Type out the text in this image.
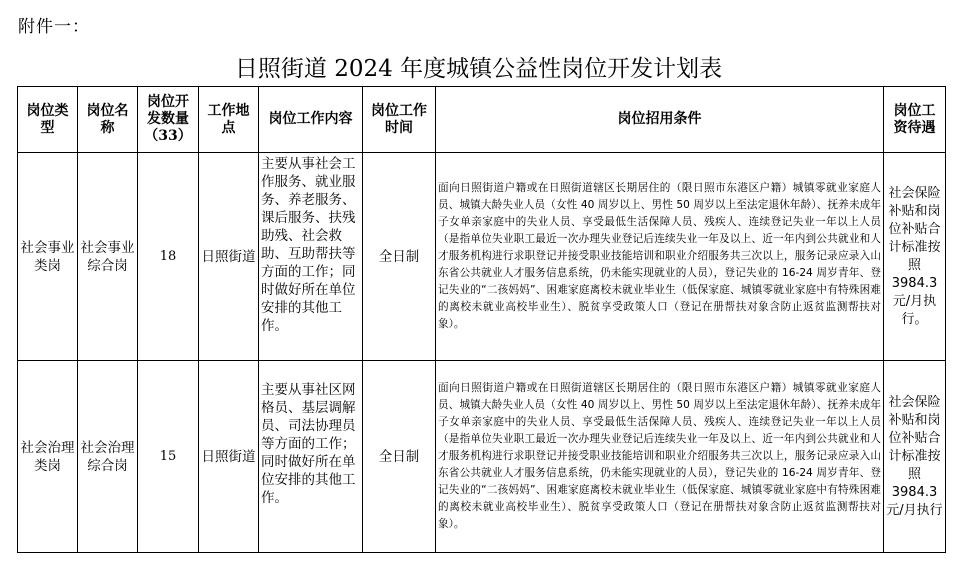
附件一：
日照街道 2024 年度城镇公益性岗位开发计划表
岗位类型	岗位名称	岗位开发数量（33）	工作地点	岗位工作内容	岗位工作时间	岗位招用条件	岗位工资待遇
社会事业类岗	社会事业综合岗	18	日照街道	主要从事社会工作服务、就业服务、养老服务、课后服务、扶残助残、社会救助、互助帮扶等方面的工作；同时做好所在单位安排的其他工作。	全日制	面向日照街道户籍或在日照街道辖区长期居住的（限日照市东港区户籍）城镇零就业家庭人员、城镇大龄失业人员（女性 40 周岁以上、男性 50 周岁以上至法定退休年龄）、抚养未成年子女单亲家庭中的失业人员、享受最低生活保障人员、残疾人、连续登记失业一年以上人员（是指单位失业职工最近一次办理失业登记后连续失业一年及以上、近一年内到公共就业和人才服务机构进行求职登记并接受职业技能培训和职业介绍服务共三次以上，服务记录应录入山东省公共就业人才服务信息系统，仍未能实现就业的人员），登记失业的 16-24 周岁青年、登记失业的“二孩妈妈”、困难家庭离校未就业毕业生（低保家庭、城镇零就业家庭中有特殊困难的离校未就业高校毕业生）、脱贫享受政策人口（登记在册帮扶对象含防止返贫监测帮扶对象）。	社会保险补贴和岗位补贴合计标准按照 3984.3 元/月执行。
社会治理类岗	社会治理综合岗	15	日照街道	主要从事社区网格员、基层调解员、司法协理员等方面的工作；同时做好所在单位安排的其他工作。	全日制	面向日照街道户籍或在日照街道辖区长期居住的（限日照市东港区户籍）城镇零就业家庭人员、城镇大龄失业人员（女性 40 周岁以上、男性 50 周岁以上至法定退休年龄）、抚养未成年子女单亲家庭中的失业人员、享受最低生活保障人员、残疾人、连续登记失业一年以上人员（是指单位失业职工最近一次办理失业登记后连续失业一年及以上、近一年内到公共就业和人才服务机构进行求职登记并接受职业技能培训和职业介绍服务共三次以上，服务记录应录入山东省公共就业人才服务信息系统，仍未能实现就业的人员），登记失业的 16-24 周岁青年、登记失业的“二孩妈妈”、困难家庭离校未就业毕业生（低保家庭、城镇零就业家庭中有特殊困难的离校未就业高校毕业生）、脱贫享受政策人口（登记在册帮扶对象含防止返贫监测帮扶对象）。	社会保险补贴和岗位补贴合计标准按照 3984.3 元/月执行
